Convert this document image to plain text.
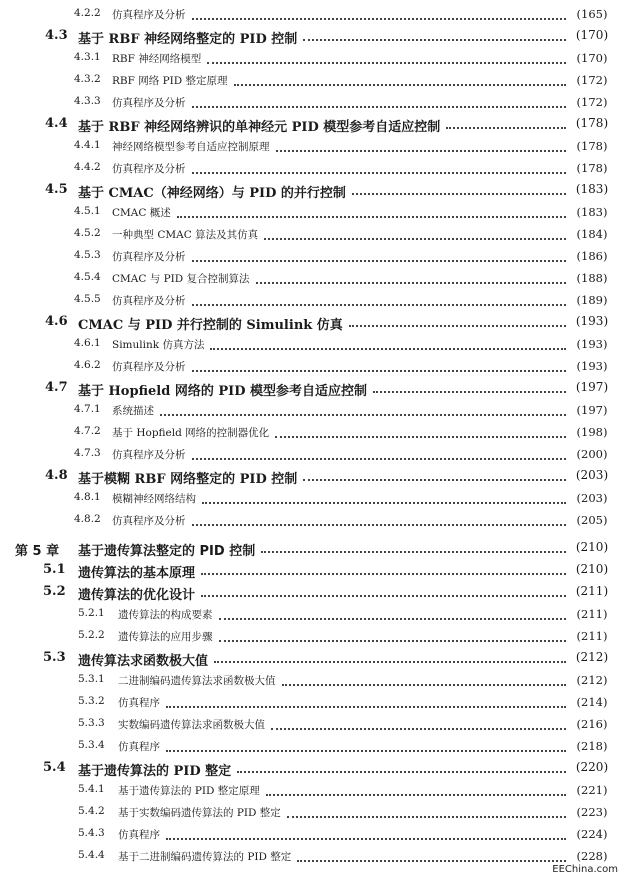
4.2.2 仿真程序及分析	(165)
4.3 基于 RBF 神经网络整定的 PID 控制	(170)
4.3.1 RBF 神经网络模型	(170)
4.3.2 RBF 网络 PID 整定原理	(172)
4.3.3 仿真程序及分析	(172)
4.4 基于 RBF 神经网络辨识的单神经元 PID 模型参考自适应控制	(178)
4.4.1 神经网络模型参考自适应控制原理	(178)
4.4.2 仿真程序及分析	(178)
4.5 基于 CMAC（神经网络）与 PID 的并行控制	(183)
4.5.1 CMAC 概述	(183)
4.5.2 一种典型 CMAC 算法及其仿真	(184)
4.5.3 仿真程序及分析	(186)
4.5.4 CMAC 与 PID 复合控制算法	(188)
4.5.5 仿真程序及分析	(189)
4.6 CMAC 与 PID 并行控制的 Simulink 仿真	(193)
4.6.1 Simulink 仿真方法	(193)
4.6.2 仿真程序及分析	(193)
4.7 基于 Hopfield 网络的 PID 模型参考自适应控制	(197)
4.7.1 系统描述	(197)
4.7.2 基于 Hopfield 网络的控制器优化	(198)
4.7.3 仿真程序及分析	(200)
4.8 基于模糊 RBF 网络整定的 PID 控制	(203)
4.8.1 模糊神经网络结构	(203)
4.8.2 仿真程序及分析	(205)
第 5 章 基于遗传算法整定的 PID 控制	(210)
5.1 遗传算法的基本原理	(210)
5.2 遗传算法的优化设计	(211)
5.2.1 遗传算法的构成要素	(211)
5.2.2 遗传算法的应用步骤	(211)
5.3 遗传算法求函数极大值	(212)
5.3.1 二进制编码遗传算法求函数极大值	(212)
5.3.2 仿真程序	(214)
5.3.3 实数编码遗传算法求函数极大值	(216)
5.3.4 仿真程序	(218)
5.4 基于遗传算法的 PID 整定	(220)
5.4.1 基于遗传算法的 PID 整定原理	(221)
5.4.2 基于实数编码遗传算法的 PID 整定	(223)
5.4.3 仿真程序	(224)
5.4.4 基于二进制编码遗传算法的 PID 整定	(228)
EEChina.com
